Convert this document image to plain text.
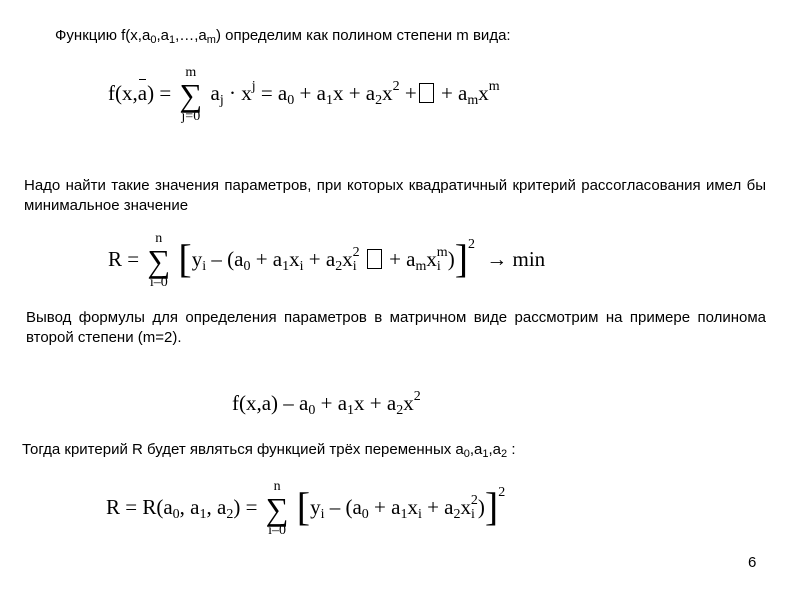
Функцию $f(x,a_0,a_1,\dots,a_m)$ определим как полином степени m вида:
f(x,a) =
m
∑
j=0
$a_j \cdot x^j = a_0 + a_1x + a_2x^2$ + + $a_mx^m$
Надо найти такие значения параметров, при которых квадратичный критерий рассогласования имел бы минимальное значение
R =
n
∑
i–0
$[y_i - (a_0 + a_1x_i + a_2x_i^2 + a_mx_i^m)]^2 \to \min$
Вывод формулы для определения параметров в матричном виде рассмотрим на примере полинома второй степени (m=2).
$f(x,a) - a_0 + a_1x + a_2x^2$
Тогда критерий R будет являться функцией трёх переменных $a_0,a_1,a_2$ :
$R = R(a_0$, $a_1$, $a_2$) =
n
∑
i–0
$[y_i - (a_0 + a_1x_i + a_2x_i^2)]^2$
6
